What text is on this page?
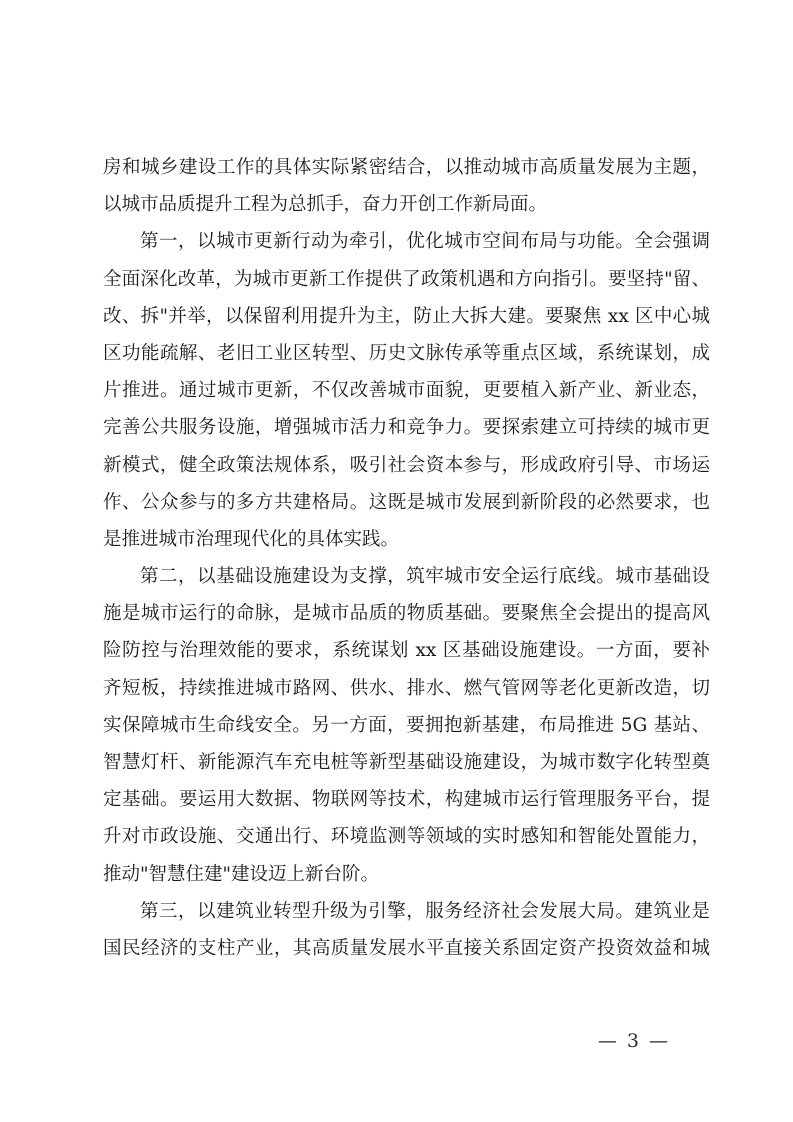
房和城乡建设工作的具体实际紧密结合，以推动城市高质量发展为主题，
以城市品质提升工程为总抓手，奋力开创工作新局面。
第一，以城市更新行动为牵引，优化城市空间布局与功能。全会强调
全面深化改革，为城市更新工作提供了政策机遇和方向指引。要坚持"留、
改、拆"并举，以保留利用提升为主，防止大拆大建。要聚焦 xx 区中心城
区功能疏解、老旧工业区转型、历史文脉传承等重点区域，系统谋划，成
片推进。通过城市更新，不仅改善城市面貌，更要植入新产业、新业态，
完善公共服务设施，增强城市活力和竞争力。要探索建立可持续的城市更
新模式，健全政策法规体系，吸引社会资本参与，形成政府引导、市场运
作、公众参与的多方共建格局。这既是城市发展到新阶段的必然要求，也
是推进城市治理现代化的具体实践。
第二，以基础设施建设为支撑，筑牢城市安全运行底线。城市基础设
施是城市运行的命脉，是城市品质的物质基础。要聚焦全会提出的提高风
险防控与治理效能的要求，系统谋划 xx 区基础设施建设。一方面，要补
齐短板，持续推进城市路网、供水、排水、燃气管网等老化更新改造，切
实保障城市生命线安全。另一方面，要拥抱新基建，布局推进 5G 基站、
智慧灯杆、新能源汽车充电桩等新型基础设施建设，为城市数字化转型奠
定基础。要运用大数据、物联网等技术，构建城市运行管理服务平台，提
升对市政设施、交通出行、环境监测等领域的实时感知和智能处置能力，
推动"智慧住建"建设迈上新台阶。
第三，以建筑业转型升级为引擎，服务经济社会发展大局。建筑业是
国民经济的支柱产业，其高质量发展水平直接关系固定资产投资效益和城
— 3 —
